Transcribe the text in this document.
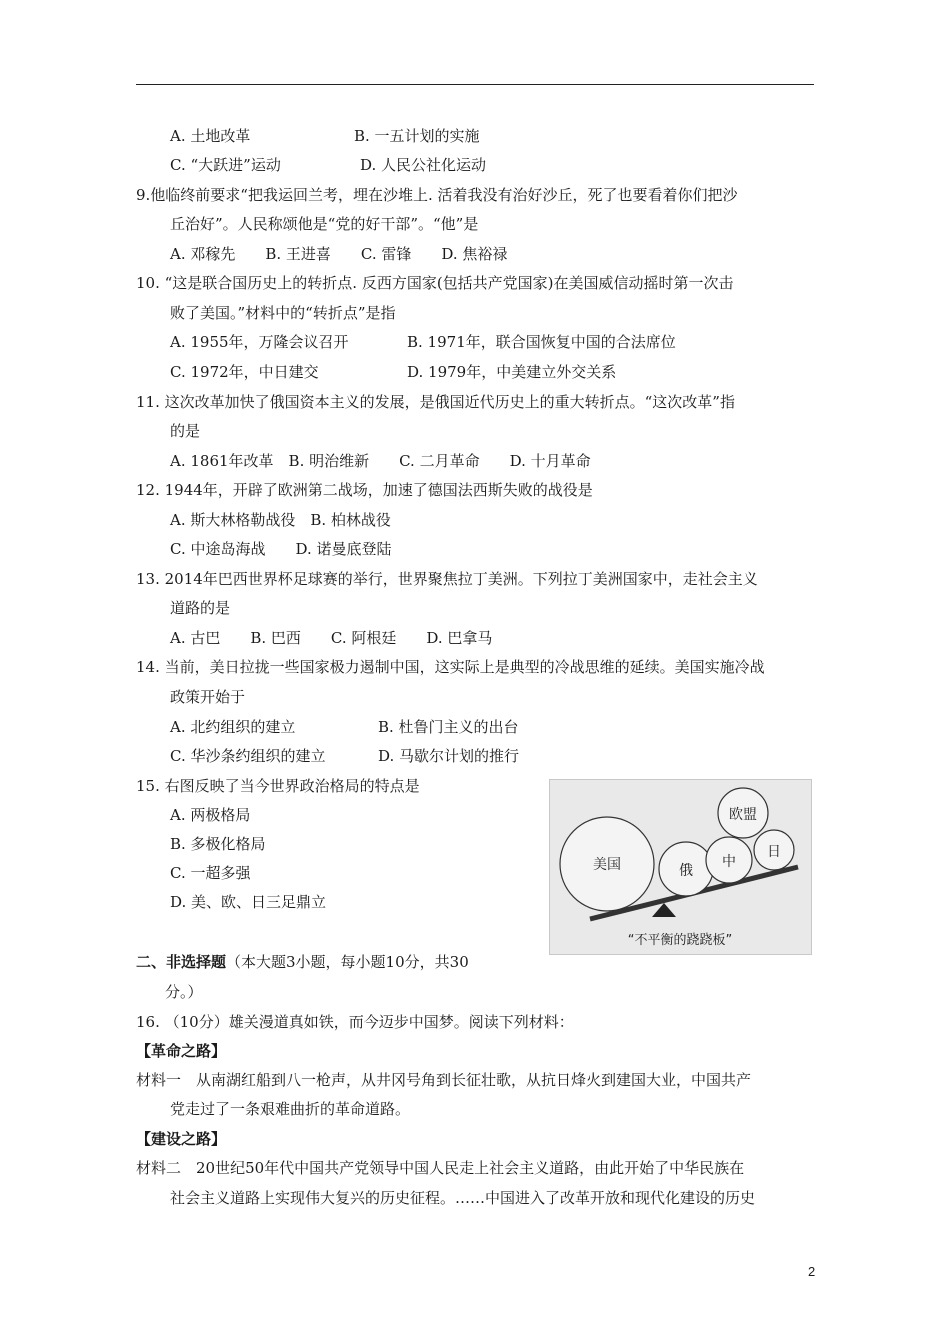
A. 土地改革	B. 一五计划的实施
C. “大跃进”运动	D. 人民公社化运动
9.他临终前要求“把我运回兰考，埋在沙堆上. 活着我没有治好沙丘，死了也要看着你们把沙
丘治好”。人民称颂他是“党的好干部”。“他”是
A. 邓稼先　　B. 王进喜　　C. 雷锋　　D. 焦裕禄
10. “这是联合国历史上的转折点. 反西方国家(包括共产党国家)在美国威信动摇时第一次击
败了美国。”材料中的“转折点”是指
A. 1955年，万隆会议召开	B. 1971年，联合国恢复中国的合法席位
C. 1972年，中日建交	D. 1979年，中美建立外交关系
11. 这次改革加快了俄国资本主义的发展，是俄国近代历史上的重大转折点。“这次改革”指
的是
A. 1861年改革　B. 明治维新　　C. 二月革命　　D. 十月革命
12. 1944年，开辟了欧洲第二战场，加速了德国法西斯失败的战役是
A. 斯大林格勒战役　B. 柏林战役
C. 中途岛海战　　D. 诺曼底登陆
13. 2014年巴西世界杯足球赛的举行，世界聚焦拉丁美洲。下列拉丁美洲国家中，走社会主义
道路的是
A. 古巴　　B. 巴西　　C. 阿根廷　　D. 巴拿马
14. 当前，美日拉拢一些国家极力遏制中国，这实际上是典型的冷战思维的延续。美国实施冷战
政策开始于
A. 北约组织的建立	B. 杜鲁门主义的出台
C. 华沙条约组织的建立	D. 马歇尔计划的推行
15. 右图反映了当今世界政治格局的特点是
A. 两极格局
B. 多极化格局
C. 一超多强
D. 美、欧、日三足鼎立
美国	俄
中
日
欧盟
“不平衡的跷跷板”
二、非选择题（本大题3小题，每小题10分，共30
分。）
16. （10分）雄关漫道真如铁，而今迈步中国梦。阅读下列材料：
【革命之路】
材料一　从南湖红船到八一枪声，从井冈号角到长征壮歌，从抗日烽火到建国大业，中国共产
党走过了一条艰难曲折的革命道路。
【建设之路】
材料二　20世纪50年代中国共产党领导中国人民走上社会主义道路，由此开始了中华民族在
社会主义道路上实现伟大复兴的历史征程。……中国进入了改革开放和现代化建设的历史
2
